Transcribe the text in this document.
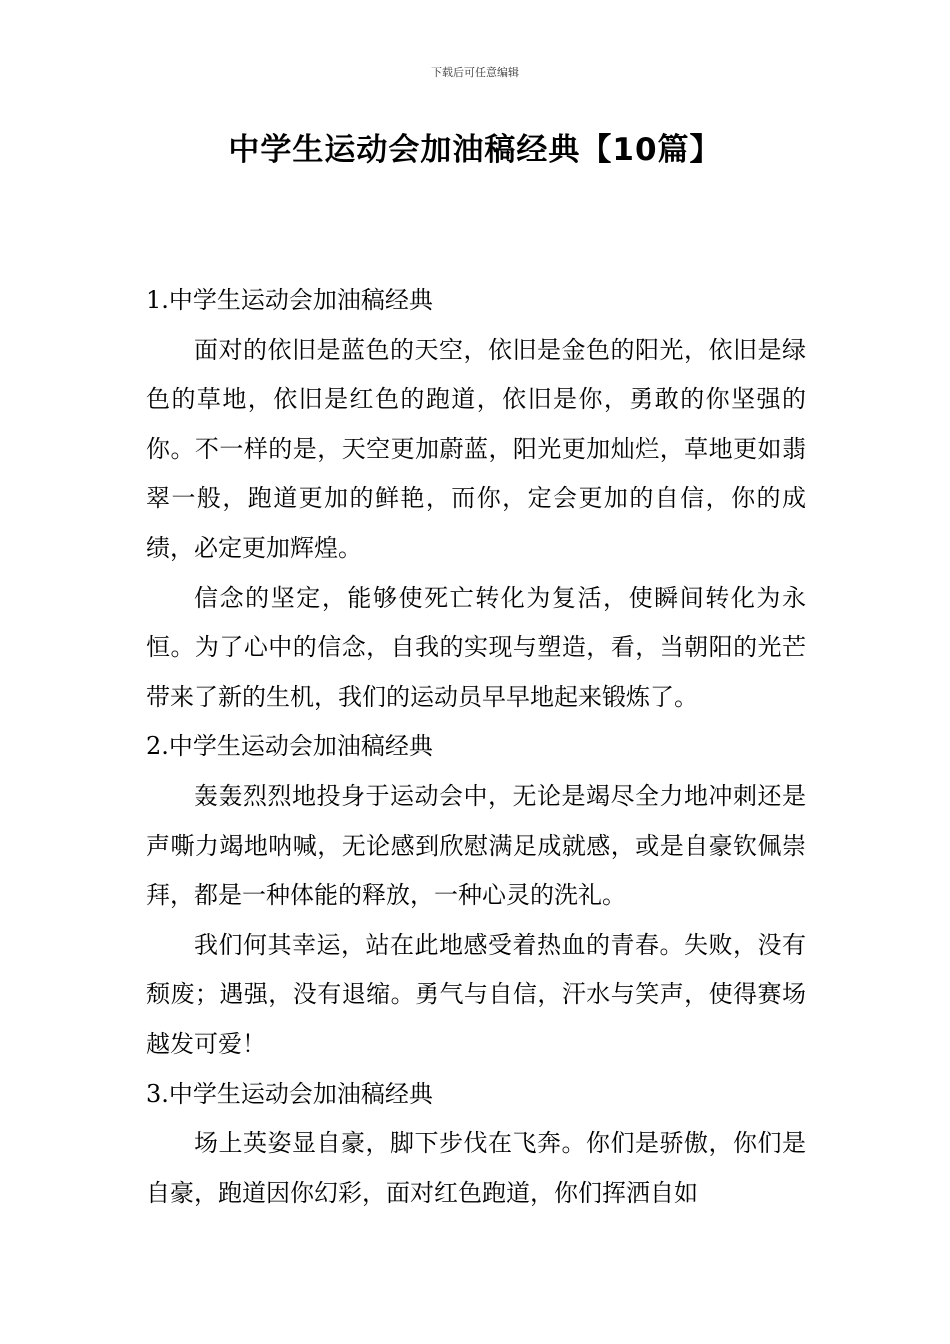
下载后可任意编辑
中学生运动会加油稿经典【10篇】

1.中学生运动会加油稿经典

面对的依旧是蓝色的天空，依旧是金色的阳光，依旧是绿色的草地，依旧是红色的跑道，依旧是你，勇敢的你坚强的你。不一样的是，天空更加蔚蓝，阳光更加灿烂，草地更如翡翠一般，跑道更加的鲜艳，而你，定会更加的自信，你的成绩，必定更加辉煌。

信念的坚定，能够使死亡转化为复活，使瞬间转化为永恒。为了心中的信念，自我的实现与塑造，看，当朝阳的光芒带来了新的生机，我们的运动员早早地起来锻炼了。

2.中学生运动会加油稿经典

轰轰烈烈地投身于运动会中，无论是竭尽全力地冲刺还是声嘶力竭地呐喊，无论感到欣慰满足成就感，或是自豪钦佩崇拜，都是一种体能的释放，一种心灵的洗礼。

我们何其幸运，站在此地感受着热血的青春。失败，没有颓废；遇强，没有退缩。勇气与自信，汗水与笑声，使得赛场越发可爱！

3.中学生运动会加油稿经典

场上英姿显自豪，脚下步伐在飞奔。你们是骄傲，你们是自豪，跑道因你幻彩，面对红色跑道，你们挥洒自如
